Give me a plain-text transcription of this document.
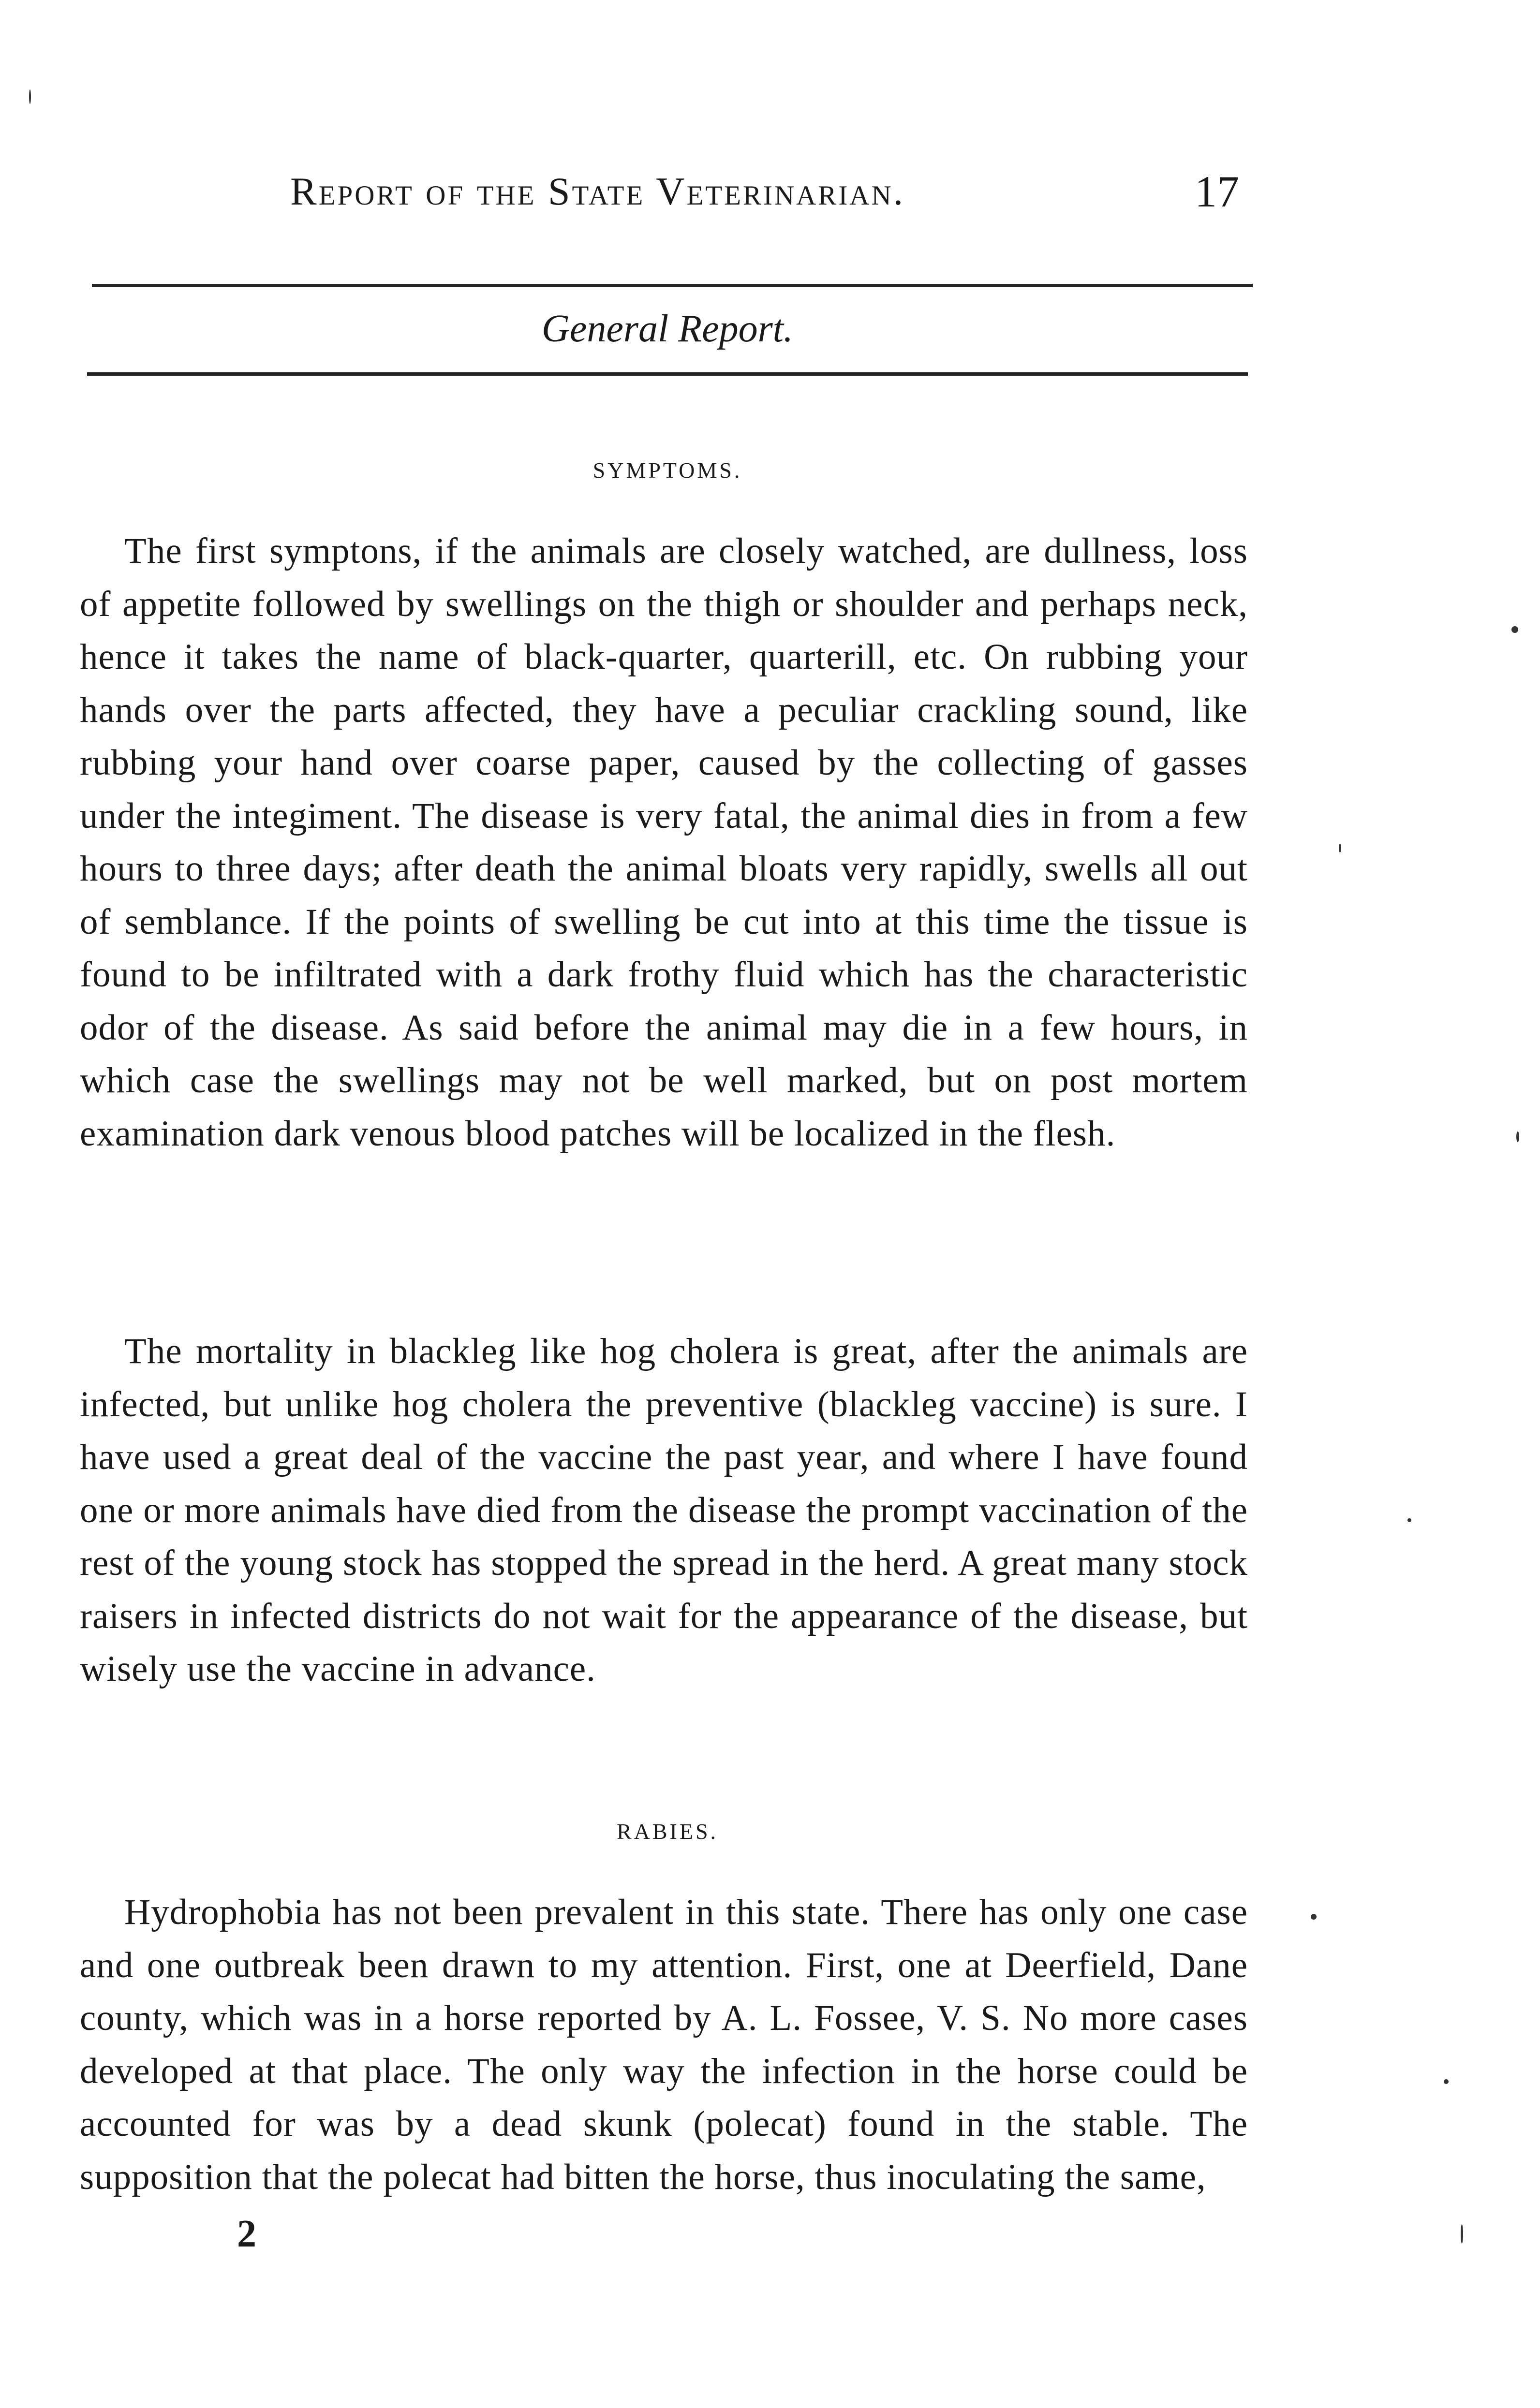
Report of the State Veterinarian.	17
General Report.
SYMPTOMS.

The first symptons, if the animals are closely watched, are dullness, loss of appetite followed by swellings on the thigh or shoulder and perhaps neck, hence it takes the name of black-quarter, quarterill, etc. On rubbing your hands over the parts affected, they have a peculiar crackling sound, like rubbing your hand over coarse paper, caused by the collecting of gasses under the integiment. The disease is very fatal, the animal dies in from a few hours to three days; after death the animal bloats very rapidly, swells all out of semblance. If the points of swelling be cut into at this time the tissue is found to be infiltrated with a dark frothy fluid which has the characteristic odor of the disease. As said before the animal may die in a few hours, in which case the swellings may not be well marked, but on post mortem examination dark venous blood patches will be localized in the flesh.

The mortality in blackleg like hog cholera is great, after the animals are infected, but unlike hog cholera the preventive (blackleg vaccine) is sure. I have used a great deal of the vaccine the past year, and where I have found one or more animals have died from the disease the prompt vaccination of the rest of the young stock has stopped the spread in the herd. A great many stock raisers in infected districts do not wait for the appearance of the disease, but wisely use the vaccine in advance.

RABIES.

Hydrophobia has not been prevalent in this state. There has only one case and one outbreak been drawn to my attention. First, one at Deerfield, Dane county, which was in a horse reported by A. L. Fossee, V. S. No more cases developed at that place. The only way the infection in the horse could be accounted for was by a dead skunk (polecat) found in the stable. The supposition that the polecat had bitten the horse, thus inoculating the same,

2
